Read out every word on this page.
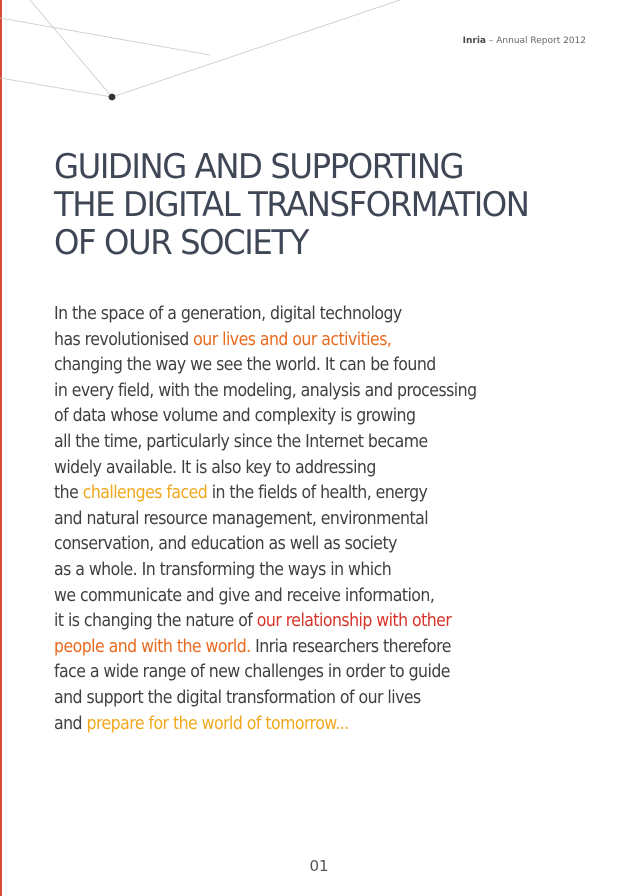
Inria – Annual Report 2012
GUIDING AND SUPPORTING
THE DIGITAL TRANSFORMATION
OF OUR SOCIETY
In the space of a generation, digital technology
has revolutionised our lives and our activities,
changing the way we see the world. It can be found
in every field, with the modeling, analysis and processing
of data whose volume and complexity is growing
all the time, particularly since the Internet became
widely available. It is also key to addressing
the challenges faced in the fields of health, energy
and natural resource management, environmental
conservation, and education as well as society
as a whole. In transforming the ways in which
we communicate and give and receive information,
it is changing the nature of our relationship with other
people and with the world. Inria researchers therefore
face a wide range of new challenges in order to guide
and support the digital transformation of our lives
and prepare for the world of tomorrow...
01
